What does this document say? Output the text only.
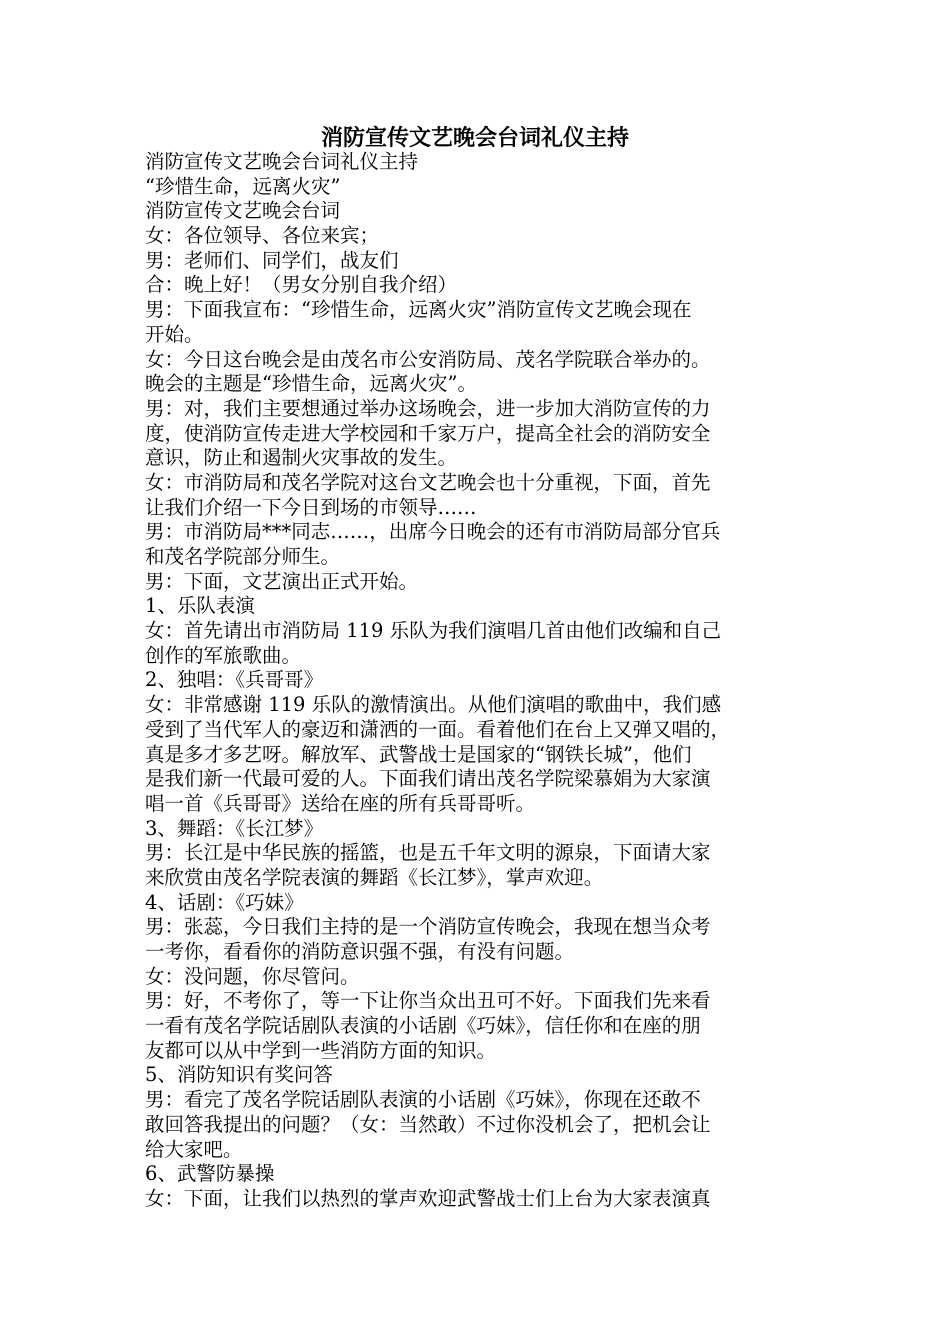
消防宣传文艺晚会台词礼仪主持
消防宣传文艺晚会台词礼仪主持
“珍惜生命，远离火灾”
消防宣传文艺晚会台词
女：各位领导、各位来宾；
男：老师们、同学们，战友们
合：晚上好！（男女分别自我介绍）
男：下面我宣布：“珍惜生命，远离火灾”消防宣传文艺晚会现在
开始。
女：今日这台晚会是由茂名市公安消防局、茂名学院联合举办的。
晚会的主题是“珍惜生命，远离火灾”。
男：对，我们主要想通过举办这场晚会，进一步加大消防宣传的力
度，使消防宣传走进大学校园和千家万户，提高全社会的消防安全
意识，防止和遏制火灾事故的发生。
女：市消防局和茂名学院对这台文艺晚会也十分重视，下面，首先
让我们介绍一下今日到场的市领导……
男：市消防局***同志……，出席今日晚会的还有市消防局部分官兵
和茂名学院部分师生。
男：下面，文艺演出正式开始。
1、乐队表演
女：首先请出市消防局 119 乐队为我们演唱几首由他们改编和自己
创作的军旅歌曲。
2、独唱：《兵哥哥》
女：非常感谢 119 乐队的激情演出。从他们演唱的歌曲中，我们感
受到了当代军人的豪迈和潇洒的一面。看着他们在台上又弹又唱的，
真是多才多艺呀。解放军、武警战士是国家的“钢铁长城”，他们
是我们新一代最可爱的人。下面我们请出茂名学院梁慕娟为大家演
唱一首《兵哥哥》送给在座的所有兵哥哥听。
3、舞蹈：《长江梦》
男：长江是中华民族的摇篮，也是五千年文明的源泉，下面请大家
来欣赏由茂名学院表演的舞蹈《长江梦》，掌声欢迎。
4、话剧：《巧妹》
男：张蕊，今日我们主持的是一个消防宣传晚会，我现在想当众考
一考你，看看你的消防意识强不强，有没有问题。
女：没问题，你尽管问。
男：好，不考你了，等一下让你当众出丑可不好。下面我们先来看
一看有茂名学院话剧队表演的小话剧《巧妹》，信任你和在座的朋
友都可以从中学到一些消防方面的知识。
5、消防知识有奖问答
男：看完了茂名学院话剧队表演的小话剧《巧妹》，你现在还敢不
敢回答我提出的问题？（女：当然敢）不过你没机会了，把机会让
给大家吧。
6、武警防暴操
女：下面，让我们以热烈的掌声欢迎武警战士们上台为大家表演真
